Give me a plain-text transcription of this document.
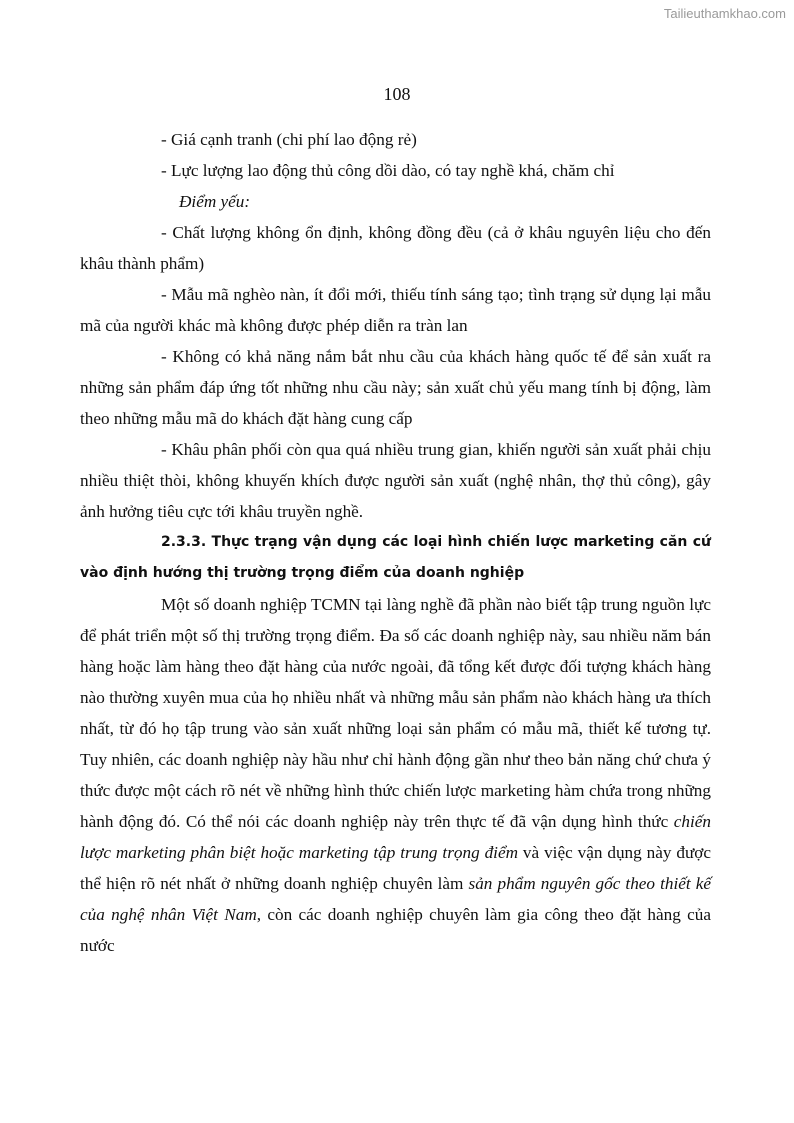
Tailieuthamkhao.com
108

- Giá cạnh tranh (chi phí lao động rẻ)

- Lực lượng lao động thủ công dồi dào, có tay nghề khá, chăm chỉ

Điểm yếu:

- Chất lượng không ổn định, không đồng đều (cả ở khâu nguyên liệu cho đến khâu thành phẩm)

- Mẫu mã nghèo nàn, ít đổi mới, thiếu tính sáng tạo; tình trạng sử dụng lại mẫu mã của người khác mà không được phép diễn ra tràn lan

- Không có khả năng nắm bắt nhu cầu của khách hàng quốc tế để sản xuất ra những sản phẩm đáp ứng tốt những nhu cầu này; sản xuất chủ yếu mang tính bị động, làm theo những mẫu mã do khách đặt hàng cung cấp

- Khâu phân phối còn qua quá nhiều trung gian, khiến người sản xuất phải chịu nhiều thiệt thòi, không khuyến khích được người sản xuất (nghệ nhân, thợ thủ công), gây ảnh hưởng tiêu cực tới khâu truyền nghề.

2.3.3. Thực trạng vận dụng các loại hình chiến lược marketing căn cứ vào định hướng thị trường trọng điểm của doanh nghiệp

Một số doanh nghiệp TCMN tại làng nghề đã phần nào biết tập trung nguồn lực để phát triển một số thị trường trọng điểm. Đa số các doanh nghiệp này, sau nhiều năm bán hàng hoặc làm hàng theo đặt hàng của nước ngoài, đã tổng kết được đối tượng khách hàng nào thường xuyên mua của họ nhiều nhất và những mẫu sản phẩm nào khách hàng ưa thích nhất, từ đó họ tập trung vào sản xuất những loại sản phẩm có mẫu mã, thiết kế tương tự. Tuy nhiên, các doanh nghiệp này hầu như chỉ hành động gần như theo bản năng chứ chưa ý thức được một cách rõ nét về những hình thức chiến lược marketing hàm chứa trong những hành động đó. Có thể nói các doanh nghiệp này trên thực tế đã vận dụng hình thức chiến lược marketing phân biệt hoặc marketing tập trung trọng điểm và việc vận dụng này được thể hiện rõ nét nhất ở những doanh nghiệp chuyên làm sản phẩm nguyên gốc theo thiết kế của nghệ nhân Việt Nam, còn các doanh nghiệp chuyên làm gia công theo đặt hàng của nước
